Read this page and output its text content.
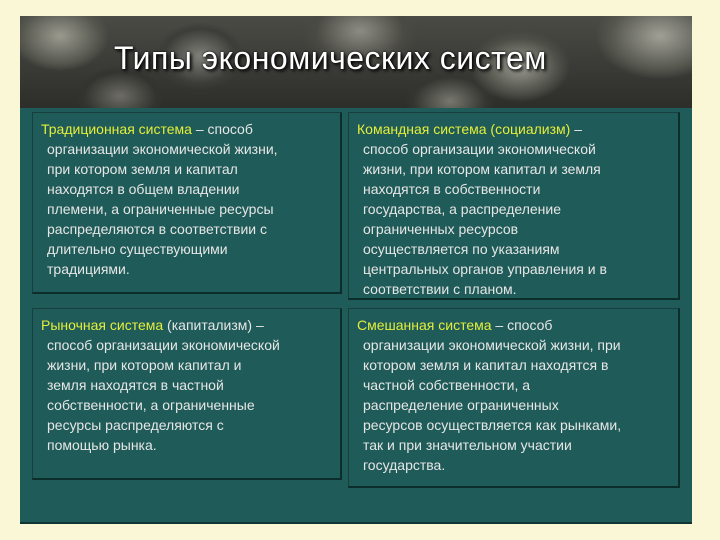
Типы экономических систем

Традиционная система – способ
организации экономической жизни,
при котором земля и капитал
находятся в общем владении
племени, а ограниченные ресурсы
распределяются в соответствии с
длительно существующими
традициями.

Командная система (социализм) –
способ организации экономической
жизни, при котором капитал и земля
находятся в собственности
государства, а распределение
ограниченных ресурсов
осуществляется по указаниям
центральных органов управления и в
соответствии с планом.

Рыночная система (капитализм) –
способ организации экономической
жизни, при котором капитал и
земля находятся в частной
собственности, а ограниченные
ресурсы распределяются с
помощью рынка.

Смешанная система – способ
организации экономической жизни, при
котором земля и капитал находятся в
частной собственности, а
распределение ограниченных
ресурсов осуществляется как рынками,
так и при значительном участии
государства.
